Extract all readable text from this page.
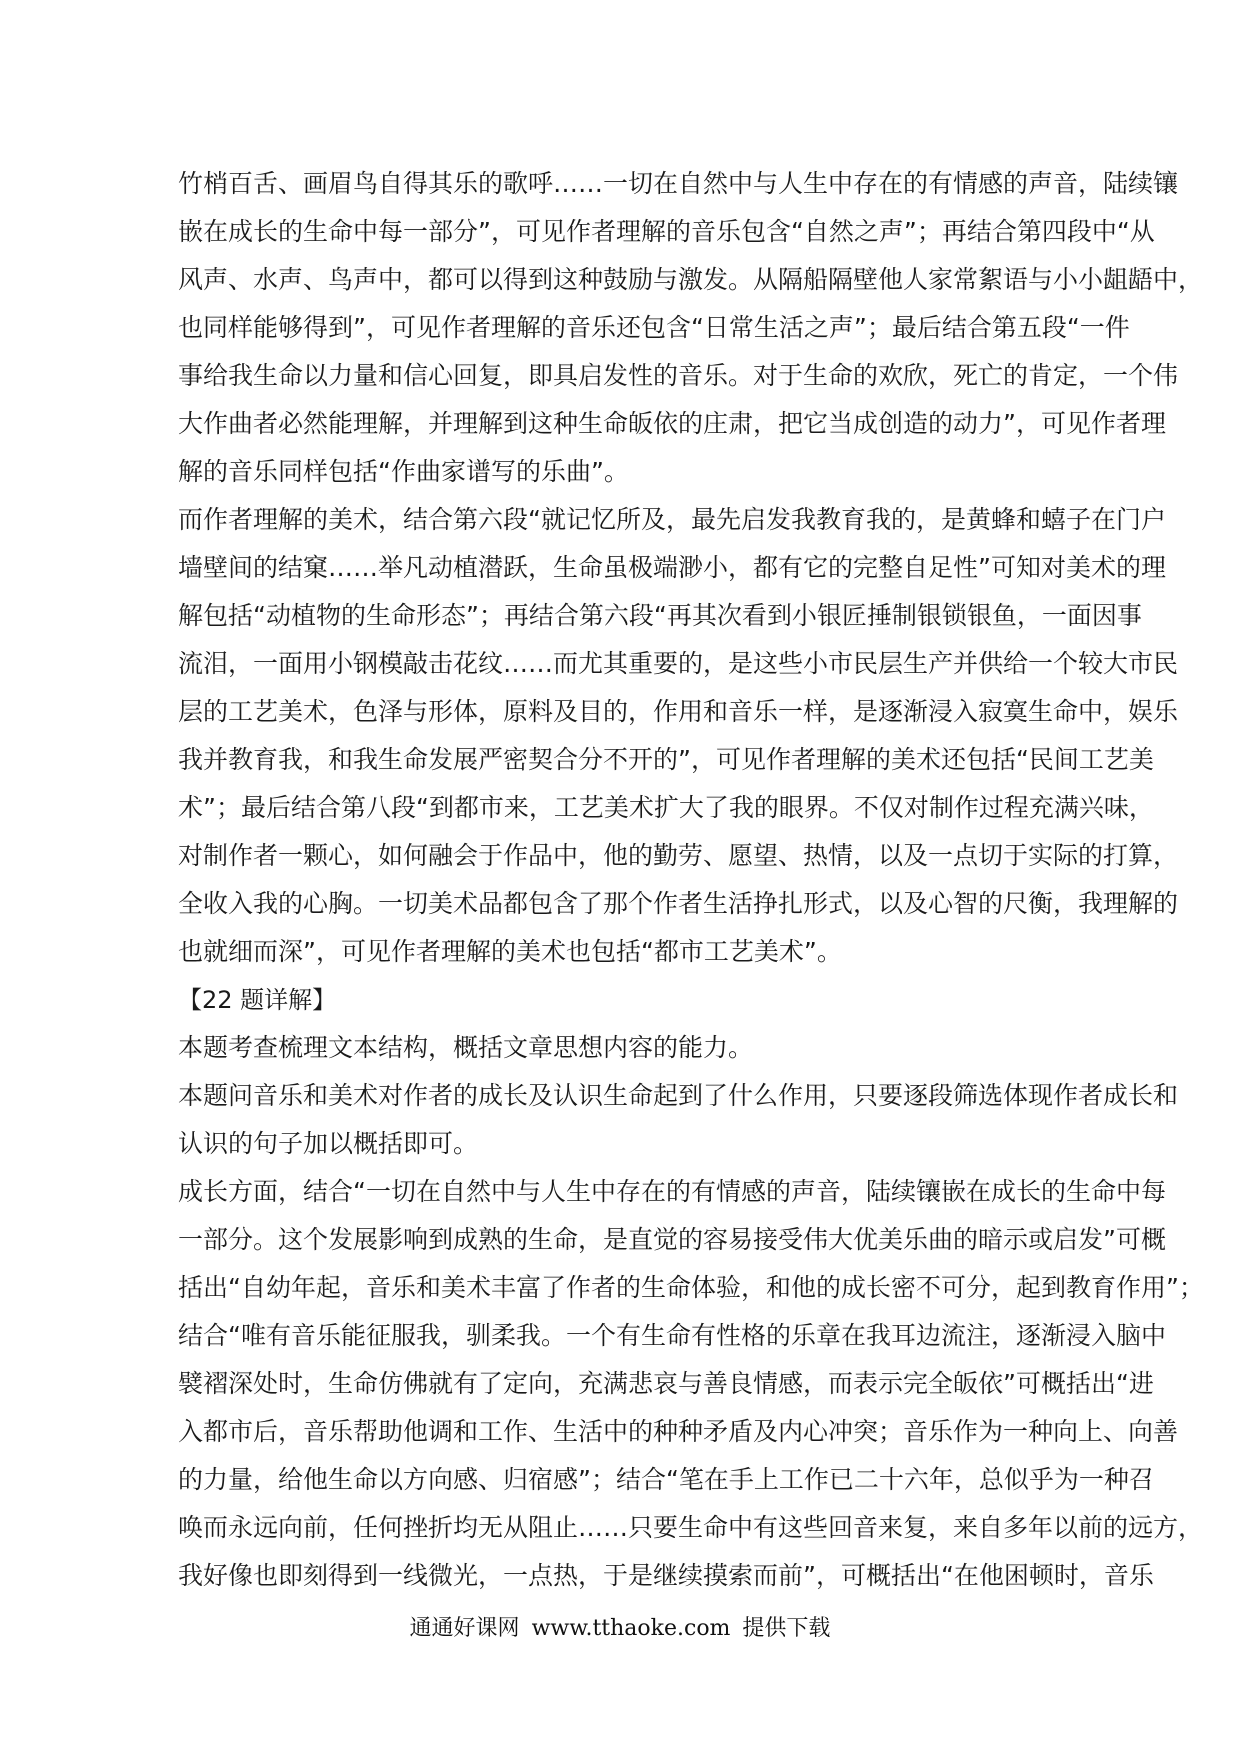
竹梢百舌、画眉鸟自得其乐的歌呼……一切在自然中与人生中存在的有情感的声音，陆续镶
嵌在成长的生命中每一部分”，可见作者理解的音乐包含“自然之声”；再结合第四段中“从
风声、水声、鸟声中，都可以得到这种鼓励与激发。从隔船隔壁他人家常絮语与小小龃龉中，
也同样能够得到”，可见作者理解的音乐还包含“日常生活之声”；最后结合第五段“一件
事给我生命以力量和信心回复，即具启发性的音乐。对于生命的欢欣，死亡的肯定，一个伟
大作曲者必然能理解，并理解到这种生命皈依的庄肃，把它当成创造的动力”，可见作者理
解的音乐同样包括“作曲家谱写的乐曲”。
而作者理解的美术，结合第六段“就记忆所及，最先启发我教育我的，是黄蜂和蟢子在门户
墙壁间的结窠……举凡动植潜跃，生命虽极端渺小，都有它的完整自足性”可知对美术的理
解包括“动植物的生命形态”；再结合第六段“再其次看到小银匠捶制银锁银鱼，一面因事
流泪，一面用小钢模敲击花纹……而尤其重要的，是这些小市民层生产并供给一个较大市民
层的工艺美术，色泽与形体，原料及目的，作用和音乐一样，是逐渐浸入寂寞生命中，娱乐
我并教育我，和我生命发展严密契合分不开的”，可见作者理解的美术还包括“民间工艺美
术”；最后结合第八段“到都市来，工艺美术扩大了我的眼界。不仅对制作过程充满兴味，
对制作者一颗心，如何融会于作品中，他的勤劳、愿望、热情，以及一点切于实际的打算，
全收入我的心胸。一切美术品都包含了那个作者生活挣扎形式，以及心智的尺衡，我理解的
也就细而深”，可见作者理解的美术也包括“都市工艺美术”。
【22 题详解】
本题考查梳理文本结构，概括文章思想内容的能力。
本题问音乐和美术对作者的成长及认识生命起到了什么作用，只要逐段筛选体现作者成长和
认识的句子加以概括即可。
成长方面，结合“一切在自然中与人生中存在的有情感的声音，陆续镶嵌在成长的生命中每
一部分。这个发展影响到成熟的生命，是直觉的容易接受伟大优美乐曲的暗示或启发”可概
括出“自幼年起，音乐和美术丰富了作者的生命体验，和他的成长密不可分，起到教育作用”；
结合“唯有音乐能征服我，驯柔我。一个有生命有性格的乐章在我耳边流注，逐渐浸入脑中
襞褶深处时，生命仿佛就有了定向，充满悲哀与善良情感，而表示完全皈依”可概括出“进
入都市后，音乐帮助他调和工作、生活中的种种矛盾及内心冲突；音乐作为一种向上、向善
的力量，给他生命以方向感、归宿感”；结合“笔在手上工作已二十六年，总似乎为一种召
唤而永远向前，任何挫折均无从阻止……只要生命中有这些回音来复，来自多年以前的远方，
我好像也即刻得到一线微光，一点热，于是继续摸索而前”，可概括出“在他困顿时，音乐
通通好课网 www.tthaoke.com 提供下载
